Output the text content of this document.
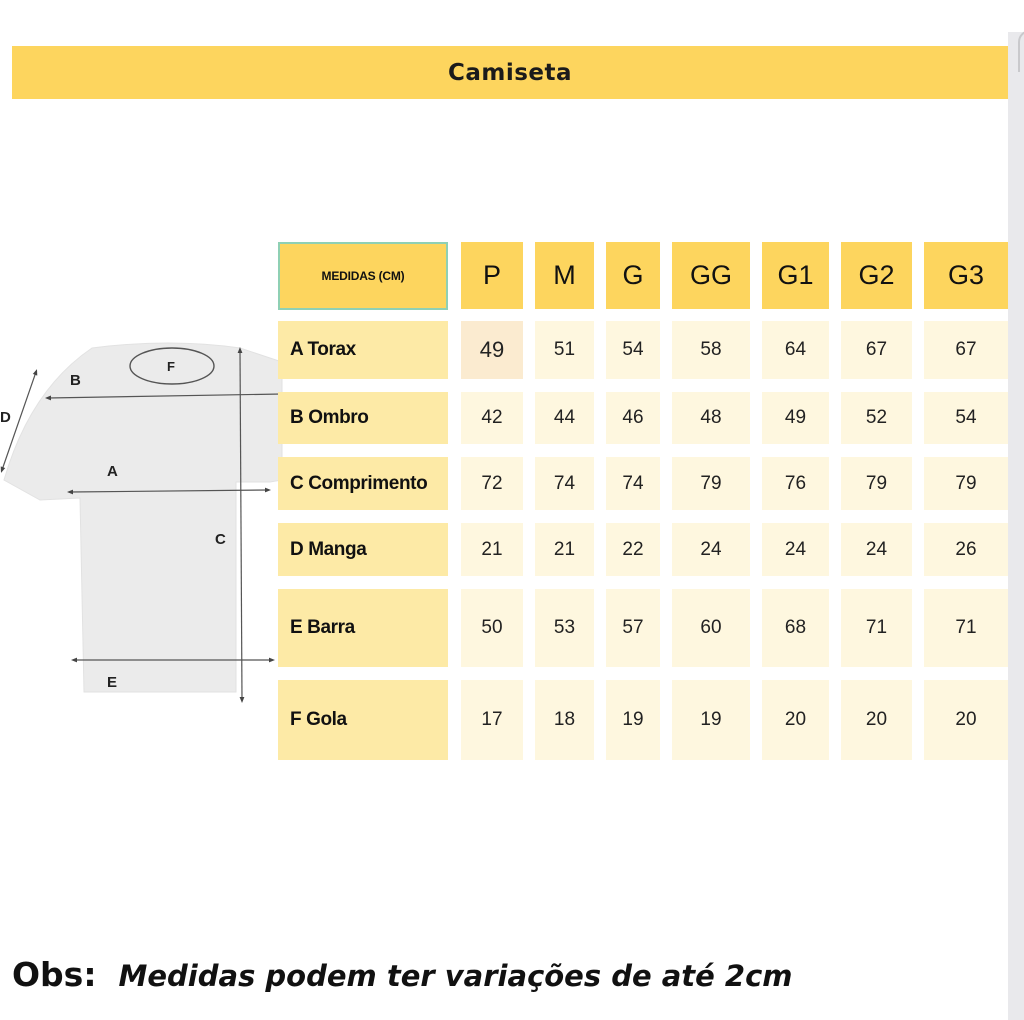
Camiseta
B
F
D
A
C
E
MEDIDAS (CM)	P	M	G	GG	G1	G2	G3
A Torax	49	51	54	58	64	67	67
B Ombro	42	44	46	48	49	52	54
C Comprimento	72	74	74	79	76	79	79
D Manga	21	21	22	24	24	24	26
E Barra	50	53	57	60	68	71	71
F Gola	17	18	19	19	20	20	20
Obs: Medidas podem ter variações de até 2cm
